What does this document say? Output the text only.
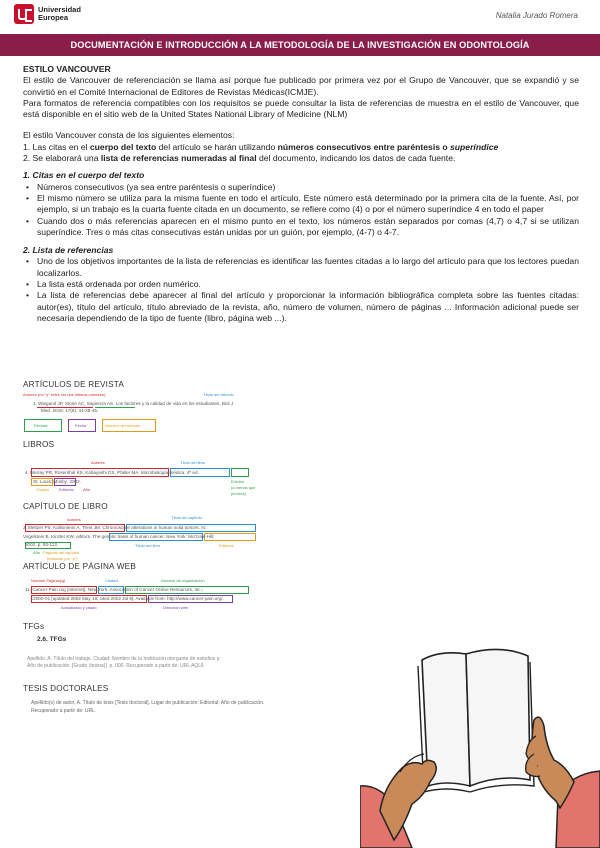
Universidad
Europea	Natalia Jurado Romera
DOCUMENTACIÓN E INTRODUCCIÓN A LA METODOLOGÍA DE LA INVESTIGACIÓN EN ODONTOLOGÍA
ESTILO VANCOUVER
El estilo de Vancouver de referenciación se llama así porque fue publicado por primera vez por el Grupo de Vancouver, que se expandió y se convirtió en el Comité Internacional de Editores de Revistas Médicas(ICMJE).
Para formatos de referencia compatibles con los requisitos se puede consultar la lista de referencias de muestra en el estilo de Vancouver, que está disponible en el sitio web de la United States National Library of Medicine (NLM)
El estilo Vancouver consta de los siguientes elementos:
1. Las citas en el cuerpo del texto del artículo se harán utilizando números consecutivos entre paréntesis o superíndice
2. Se elaborará una lista de referencias numeradas al final del documento, indicando los datos de cada fuente.
1. Citas en el cuerpo del texto
• Números consecutivos (ya sea entre paréntesis o superíndice)
• El mismo número se utiliza para la misma fuente en todo el artículo. Este número está determinado por la primera cita de la fuente. Así, por ejemplo, si un trabajo es la cuarta fuente citada en un documento, se refiere como (4) o por el número superíndice 4 en todo el paper
• Cuando dos o más referencias aparecen en el mismo punto en el texto, los números están separados por comas (4,7) o 4,7 si se utilizan superíndice. Tres o más citas consecutivas están unidas por un guión, por ejemplo, (4-7) o 4-7.
2. Lista de referencias
• Uno de los objetivos importantes de la lista de referencias es identificar las fuentes citadas a lo largo del artículo para que los lectores puedan localizarlos.
• La lista está ordenada por orden numérico.
• La lista de referencias debe aparecer al final del artículo y proporcionar la información bibliográfica completa sobre las fuentes citadas: autor(es), título del artículo, título abreviado de la revista, año, número de volumen, número de páginas ... Información adicional puede ser necesaria dependiendo de la tipo de fuente (libro, página web ...).
ARTÍCULOS DE REVISTA
Autores (no "y" entre los dos últimos nombres)	Título del artículo
1. Wiegand JP, Stone AC, Sapienza AS. Los factores y la calidad de vida en los estudiantes. Biol J
Med. 2018; 17(8): 44-38-45.
Revista	Fecha	Número del artículo
LIBROS
Autores	Título del libro
4. Murray PR, Rosenthal KS, Kobayashi GS, Pfaller MA. Microbiología médica. 4ª ed.
St. Louis: Mosby; 2002.
Ciudad	Editorial Año
Edición
(a menos que
primera)
CAPÍTULO DE LIBRO
Autores	Título de capítulo
2. Meltzer PS, Kallioniemi A, Trent JM. Chromosome alterations in human solid tumors. In:
Vogelstein B, Kinzler KW, editors. The genetic basis of human cancer. New York: McGraw-Hill;
2002. p. 93-113.
Año Páginas del capítulo
(indicado por "p")
Título del libro	Editorial
ARTÍCULO DE PÁGINA WEB
Nombre Página/pgl	Ciudad	Nombre de organización
11. Cancer-Pain.org [Internet]. New York: Association of Cancer Online Resources, Inc.;
c2000-01 [updated 2002 May 16; cited 2002 Jul 9]. Available from: http://www.cancer-pain.org/.
Actualizado y citado	Dirección web
TFGs
2.6. TFGs
Apellido, A. Título del trabajo. Ciudad: Nombre de la Institución otorgante de estudios p
Año de publicación. [Grado (tesina)]. p. 000. Recuperado a partir de: URL AQUÍ.
TESIS DOCTORALES
Apellido(s) de autor, A. Título de tesis [Tesis doctoral]. Lugar de publicación: Editorial; Año de publicación.
Recuperado a partir de: URL
